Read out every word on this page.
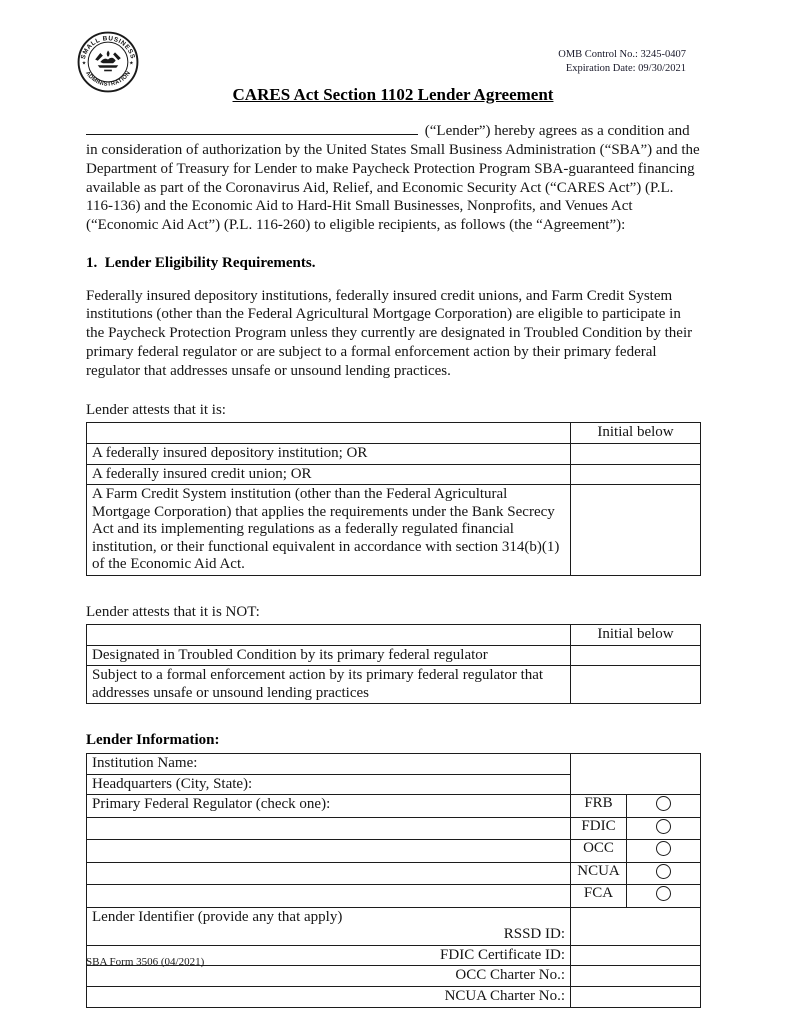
SMALL BUSINESS
ADMINISTRATION
★	★
OMB Control No.: 3245-0407
Expiration Date: 09/30/2021
CARES Act Section 1102 Lender Agreement

(“Lender”) hereby agrees as a condition and in consideration of authorization by the United States Small Business Administration (“SBA”) and the Department of Treasury for Lender to make Paycheck Protection Program SBA-guaranteed financing available as part of the Coronavirus Aid, Relief, and Economic Security Act (“CARES Act”) (P.L. 116-136) and the Economic Aid to Hard-Hit Small Businesses, Nonprofits, and Venues Act (“Economic Aid Act”) (P.L. 116-260) to eligible recipients, as follows (the “Agreement”):

1.  Lender Eligibility Requirements.

Federally insured depository institutions, federally insured credit unions, and Farm Credit System institutions (other than the Federal Agricultural Mortgage Corporation) are eligible to participate in the Paycheck Protection Program unless they currently are designated in Troubled Condition by their primary federal regulator or are subject to a formal enforcement action by their primary federal regulator that addresses unsafe or unsound lending practices.

Lender attests that it is:
	Initial below
A federally insured depository institution; OR	
A federally insured credit union; OR	
A Farm Credit System institution (other than the Federal Agricultural Mortgage Corporation) that applies the requirements under the Bank Secrecy Act and its implementing regulations as a federally regulated financial institution, or their functional equivalent in accordance with section 314(b)(1) of the Economic Aid Act.	
Lender attests that it is NOT:
	Initial below
Designated in Troubled Condition by its primary federal regulator	
Subject to a formal enforcement action by its primary federal regulator that addresses unsafe or unsound lending practices	
Lender Information:
Institution Name:		
Headquarters (City, State):		
Primary Federal Regulator (check one):	FRB	
	FDIC	
	OCC	
	NCUA	
	FCA	

Lender Identifier (provide any that apply)
RSSD ID:		

FDIC Certificate ID:		
OCC Charter No.:		
NCUA Charter No.:		
SBA Form 3506 (04/2021)
